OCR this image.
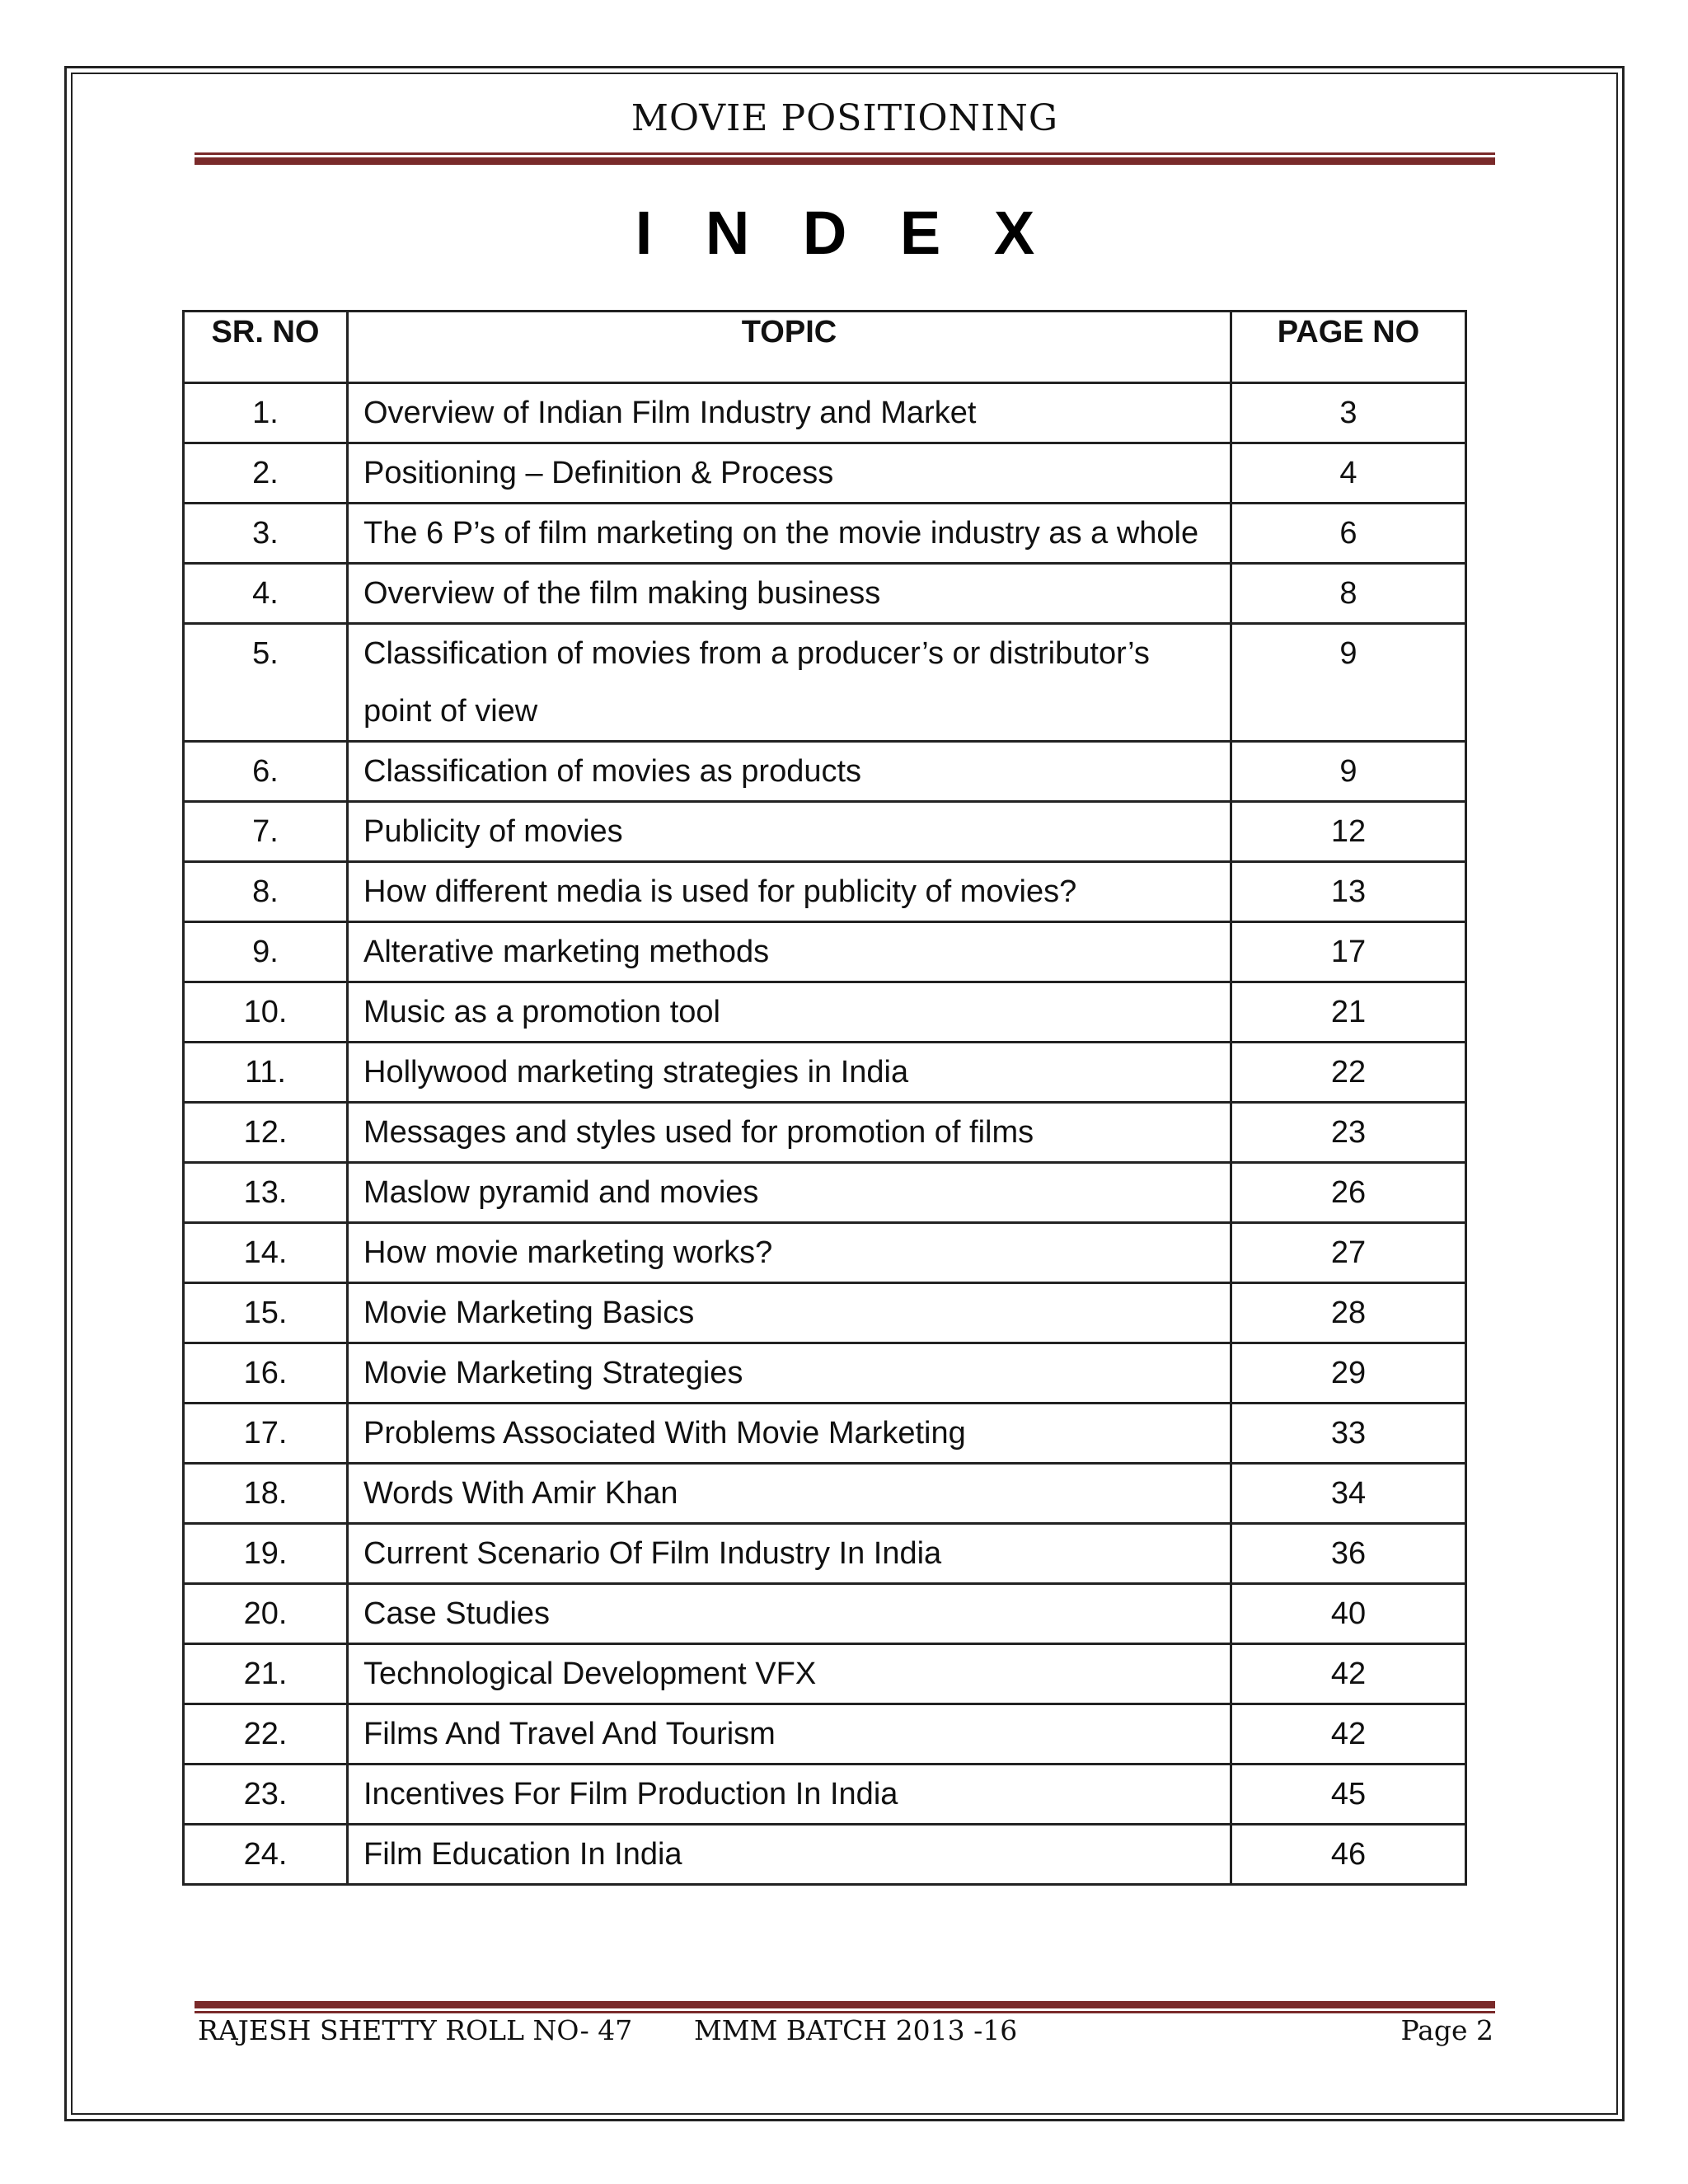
MOVIE POSITIONING
I N D E X
SR. NO	TOPIC	PAGE NO
1.	Overview of Indian Film Industry and Market	3
2.	Positioning – Definition & Process	4
3.	The 6 P’s of film marketing on the movie industry as a whole	6
4.	Overview of the film making business	8
5.	Classification of movies from a producer’s or distributor’s point of view	9
6.	Classification of movies as products	9
7.	Publicity of movies	12
8.	How different media is used for publicity of movies?	13
9.	Alterative marketing methods	17
10.	Music as a promotion tool	21
11.	Hollywood marketing strategies in India	22
12.	Messages and styles used for promotion of films	23
13.	Maslow pyramid and movies	26
14.	How movie marketing works?	27
15.	Movie Marketing Basics	28
16.	Movie Marketing Strategies	29
17.	Problems Associated With Movie Marketing	33
18.	Words With Amir Khan	34
19.	Current Scenario Of Film Industry In India	36
20.	Case Studies	40
21.	Technological Development VFX	42
22.	Films And Travel And Tourism	42
23.	Incentives For Film Production In India	45
24.	Film Education In India	46
RAJESH SHETTY ROLL NO- 47 MMM BATCH 2013 -16	Page 2
